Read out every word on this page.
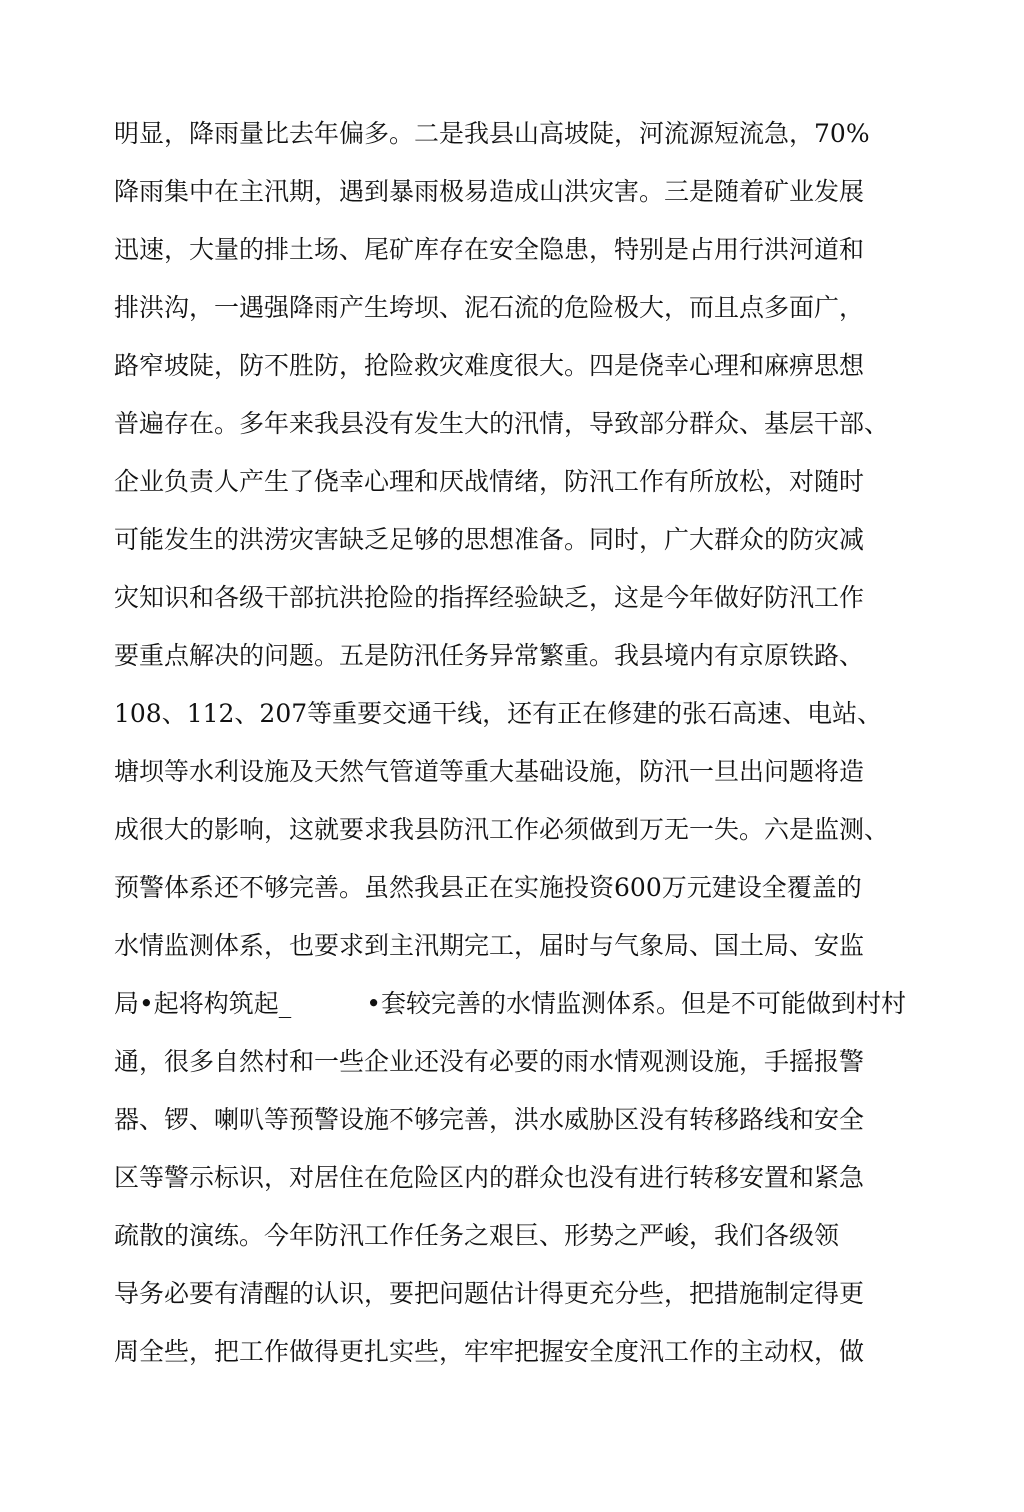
明显，降雨量比去年偏多。二是我县山高坡陡，河流源短流急，70%
降雨集中在主汛期，遇到暴雨极易造成山洪灾害。三是随着矿业发展
迅速，大量的排土场、尾矿库存在安全隐患，特别是占用行洪河道和
排洪沟，一遇强降雨产生垮坝、泥石流的危险极大，而且点多面广，
路窄坡陡，防不胜防，抢险救灾难度很大。四是侥幸心理和麻痹思想
普遍存在。多年来我县没有发生大的汛情，导致部分群众、基层干部、
企业负责人产生了侥幸心理和厌战情绪，防汛工作有所放松，对随时
可能发生的洪涝灾害缺乏足够的思想准备。同时，广大群众的防灾减
灾知识和各级干部抗洪抢险的指挥经验缺乏，这是今年做好防汛工作
要重点解决的问题。五是防汛任务异常繁重。我县境内有京原铁路、
108、112、207等重要交通干线，还有正在修建的张石高速、电站、
塘坝等水利设施及天然气管道等重大基础设施，防汛一旦出问题将造
成很大的影响，这就要求我县防汛工作必须做到万无一失。六是监测、
预警体系还不够完善。虽然我县正在实施投资600万元建设全覆盖的
水情监测体系，也要求到主汛期完工，届时与气象局、国土局、安监
局•起将构筑起_　　　•套较完善的水情监测体系。但是不可能做到村村
通，很多自然村和一些企业还没有必要的雨水情观测设施，手摇报警
器、锣、喇叭等预警设施不够完善，洪水威胁区没有转移路线和安全
区等警示标识，对居住在危险区内的群众也没有进行转移安置和紧急
疏散的演练。今年防汛工作任务之艰巨、形势之严峻，我们各级领
导务必要有清醒的认识，要把问题估计得更充分些，把措施制定得更
周全些，把工作做得更扎实些，牢牢把握安全度汛工作的主动权，做
